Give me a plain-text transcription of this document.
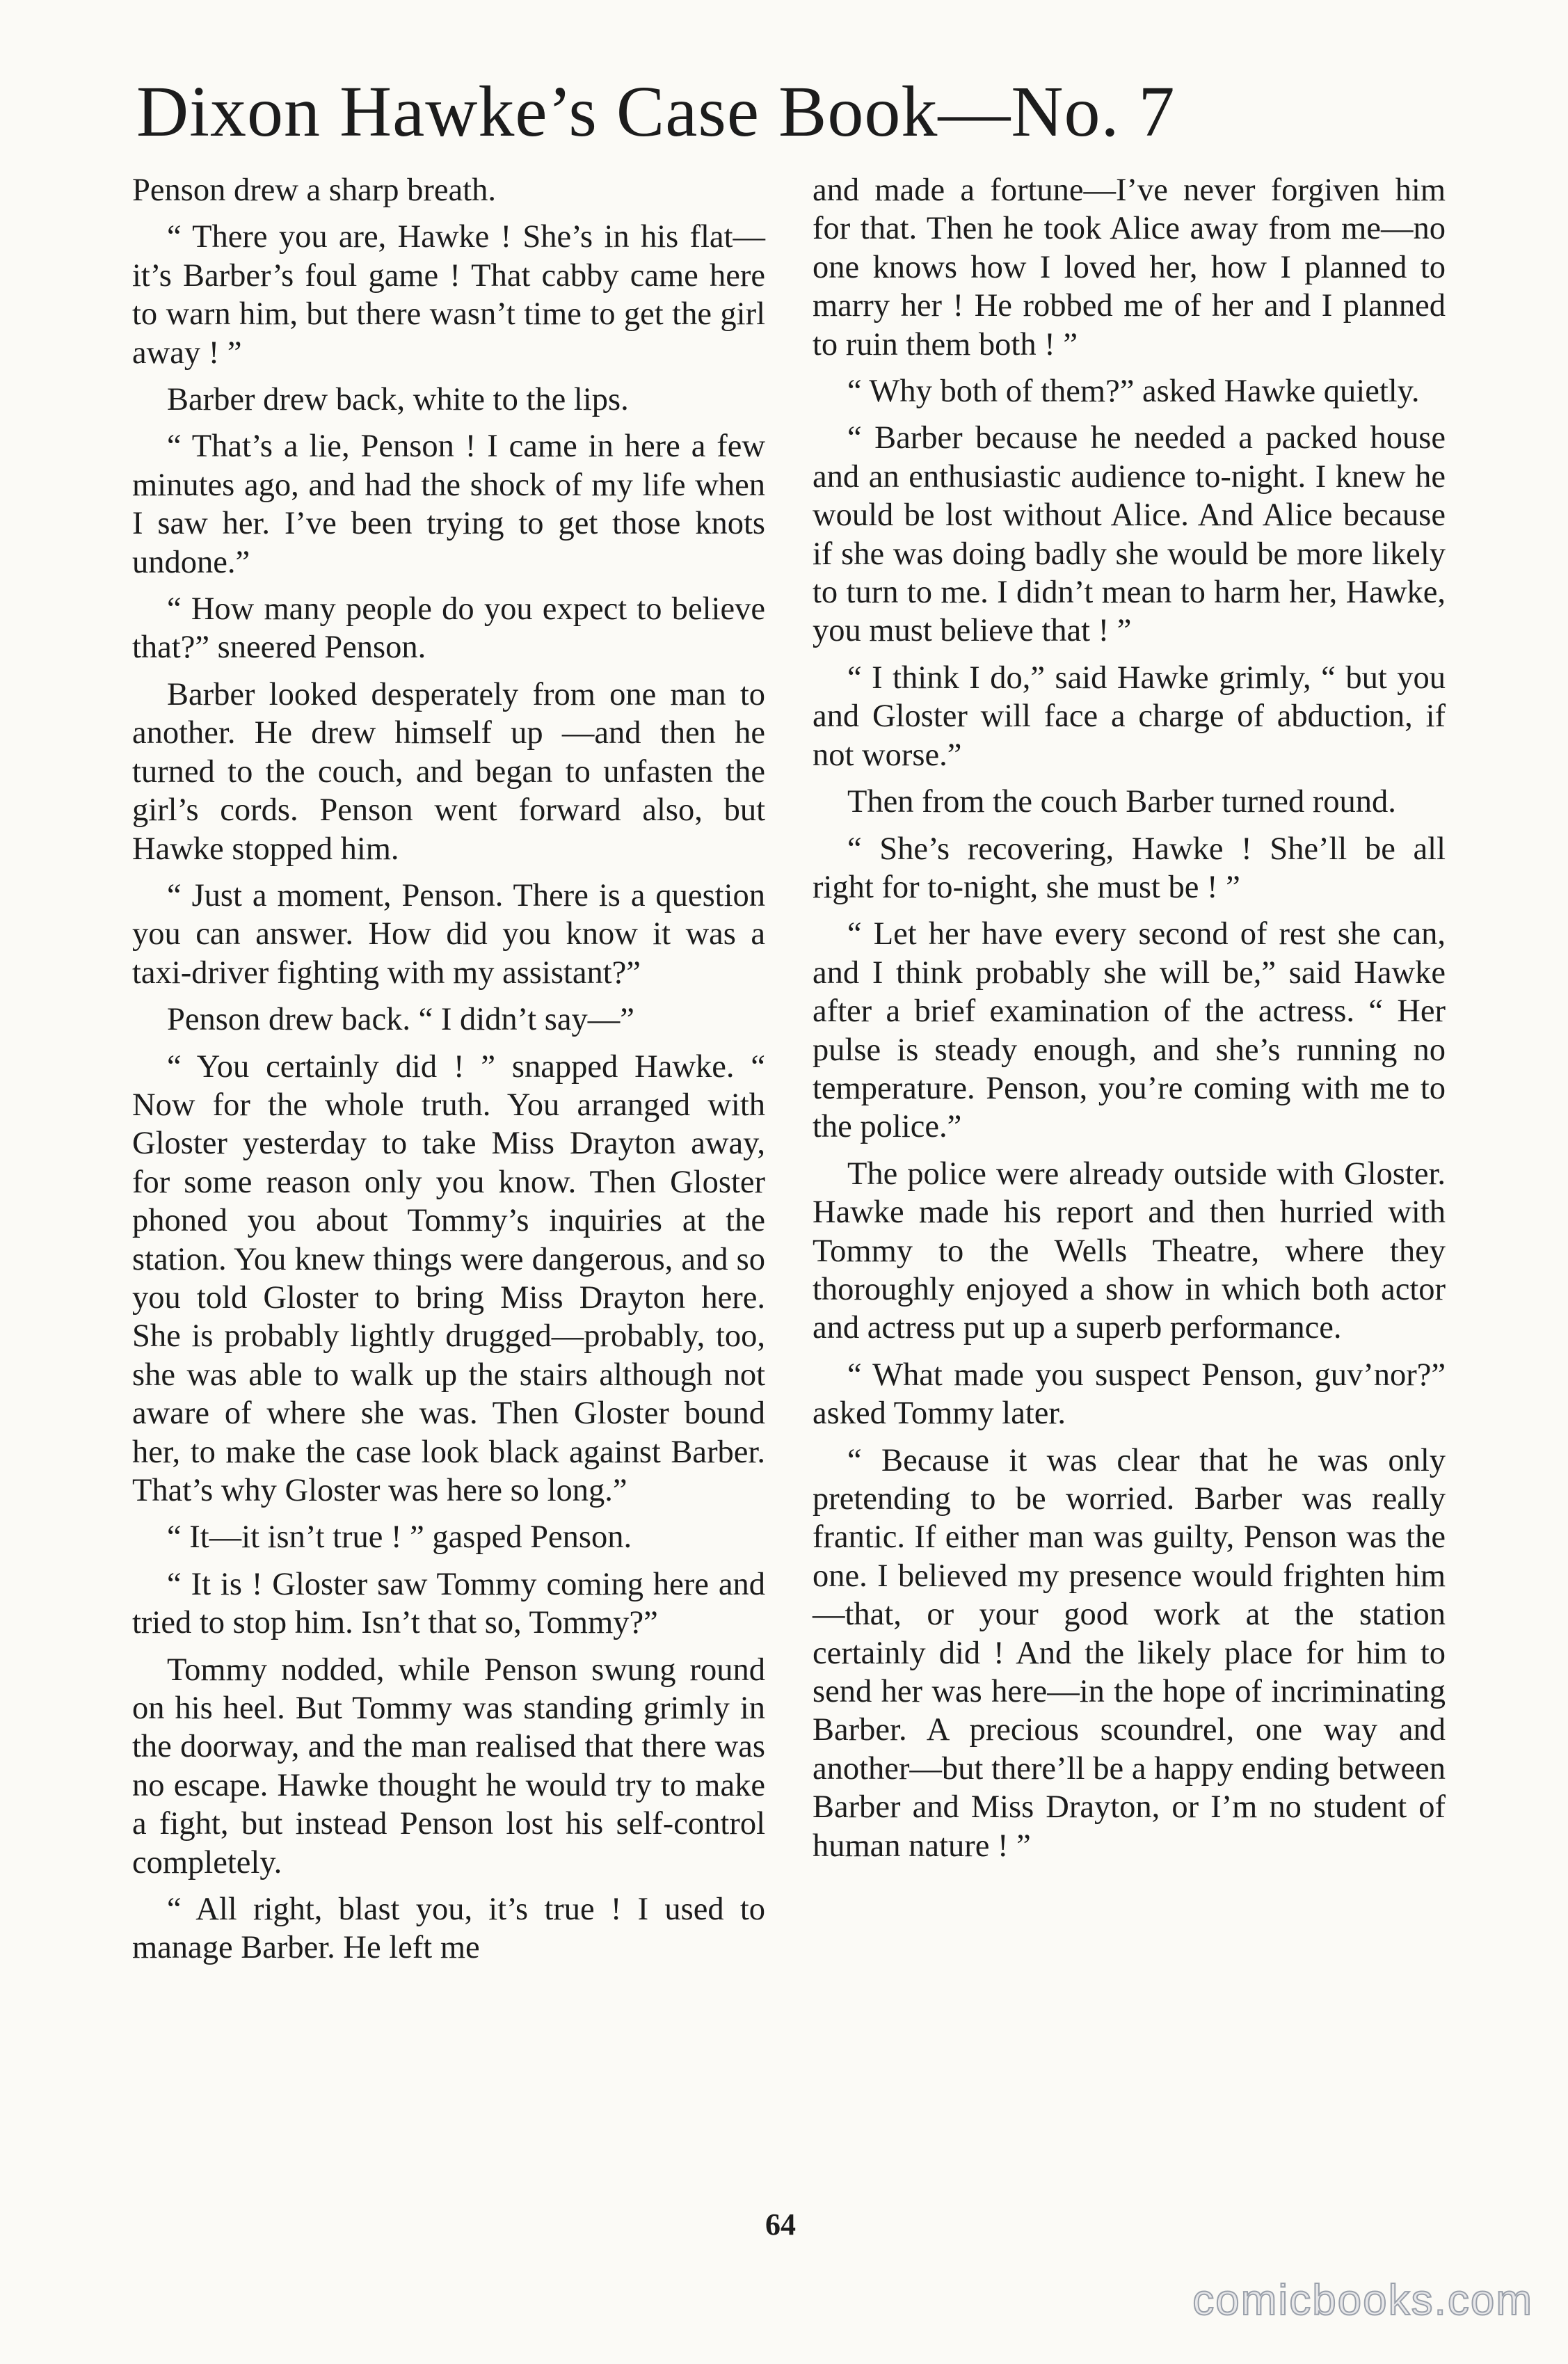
Dixon Hawke’s Case Book—No. 7

Penson drew a sharp breath.

“ There you are, Hawke ! She’s in his flat—it’s Barber’s foul game ! That cabby came here to warn him, but there wasn’t time to get the girl away ! ”

Barber drew back, white to the lips.

“ That’s a lie, Penson ! I came in here a few minutes ago, and had the shock of my life when I saw her. I’ve been trying to get those knots undone.”

“ How many people do you expect to believe that?” sneered Penson.

Barber looked desperately from one man to another. He drew himself up —and then he turned to the couch, and began to unfasten the girl’s cords. Penson went forward also, but Hawke stopped him.

“ Just a moment, Penson. There is a question you can answer. How did you know it was a taxi-driver fighting with my assistant?”

Penson drew back. “ I didn’t say—”

“ You certainly did ! ” snapped Hawke. “ Now for the whole truth. You arranged with Gloster yesterday to take Miss Drayton away, for some reason only you know. Then Gloster phoned you about Tommy’s inquiries at the station. You knew things were dangerous, and so you told Gloster to bring Miss Drayton here. She is probably lightly drugged—probably, too, she was able to walk up the stairs although not aware of where she was. Then Gloster bound her, to make the case look black against Barber. That’s why Gloster was here so long.”

“ It—it isn’t true ! ” gasped Penson.

“ It is ! Gloster saw Tommy coming here and tried to stop him. Isn’t that so, Tommy?”

Tommy nodded, while Penson swung round on his heel. But Tommy was standing grimly in the doorway, and the man realised that there was no escape. Hawke thought he would try to make a fight, but instead Penson lost his self-control completely.

“ All right, blast you, it’s true ! I used to manage Barber. He left me

and made a fortune—I’ve never forgiven him for that. Then he took Alice away from me—no one knows how I loved her, how I planned to marry her ! He robbed me of her and I planned to ruin them both ! ”

“ Why both of them?” asked Hawke quietly.

“ Barber because he needed a packed house and an enthusiastic audience to-night. I knew he would be lost without Alice. And Alice because if she was doing badly she would be more likely to turn to me. I didn’t mean to harm her, Hawke, you must believe that ! ”

“ I think I do,” said Hawke grimly, “ but you and Gloster will face a charge of abduction, if not worse.”

Then from the couch Barber turned round.

“ She’s recovering, Hawke ! She’ll be all right for to-night, she must be ! ”

“ Let her have every second of rest she can, and I think probably she will be,” said Hawke after a brief examination of the actress. “ Her pulse is steady enough, and she’s running no temperature. Penson, you’re coming with me to the police.”

The police were already outside with Gloster. Hawke made his report and then hurried with Tommy to the Wells Theatre, where they thoroughly enjoyed a show in which both actor and actress put up a superb performance.

“ What made you suspect Penson, guv’nor?” asked Tommy later.

“ Because it was clear that he was only pretending to be worried. Barber was really frantic. If either man was guilty, Penson was the one. I believed my presence would frighten him—that, or your good work at the station certainly did ! And the likely place for him to send her was here—in the hope of incriminating Barber. A precious scoundrel, one way and another—but there’ll be a happy ending between Barber and Miss Drayton, or I’m no student of human nature ! ”

64
comicbooks.com
